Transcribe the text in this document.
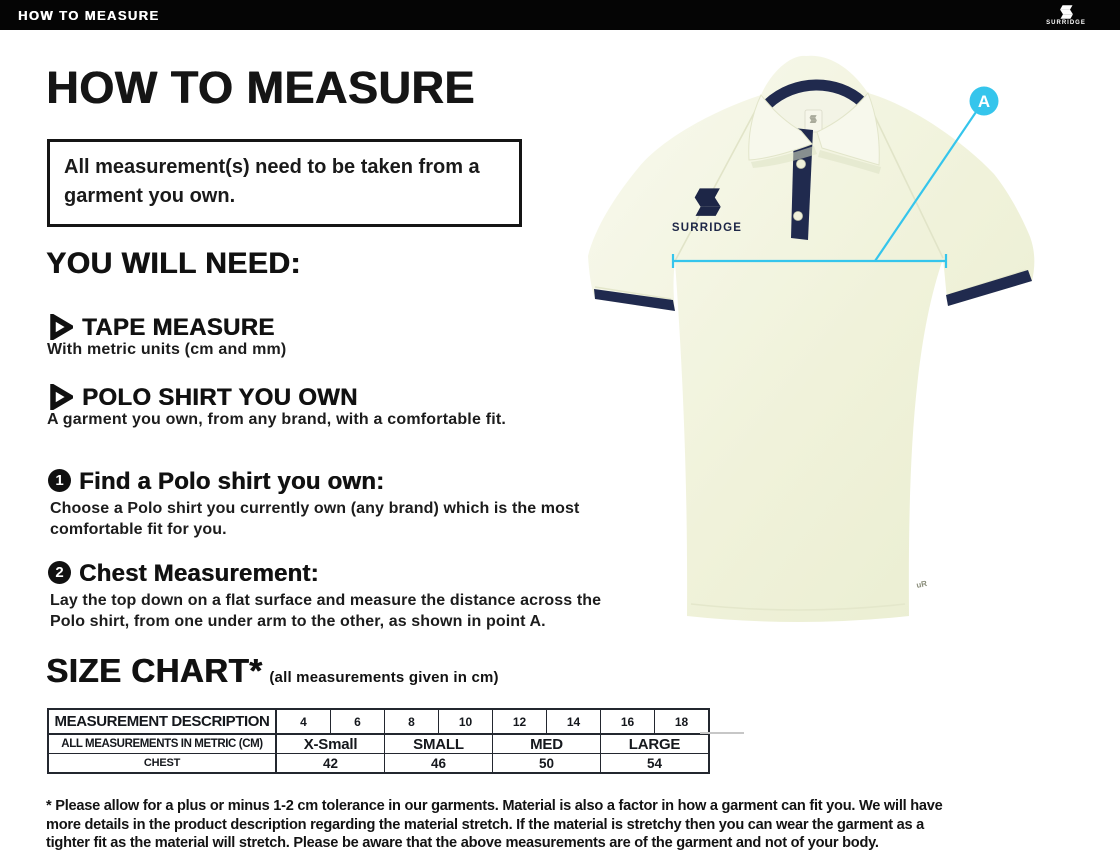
HOW TO MEASURE	SURRIDGE
HOW TO MEASURE
All measurement(s) need to be taken from a garment you own.
YOU WILL NEED:
TAPE MEASURE
With metric units (cm and mm)
POLO SHIRT YOU OWN
A garment you own, from any brand, with a comfortable fit.
1 Find a Polo shirt you own:
Choose a Polo shirt you currently own (any brand) which is the most comfortable fit for you.
2 Chest Measurement:
Lay the top down on a flat surface and measure the distance across the Polo shirt, from one under arm to the other, as shown in point A.
SIZE CHART* (all measurements given in cm)
MEASUREMENT DESCRIPTION	4	6	8	10	12	14	16	18
ALL MEASUREMENTS IN METRIC (CM)	X-Small		SMALL		MED		LARGE	
CHEST	42		46		50		54	
* Please allow for a plus or minus 1-2 cm tolerance in our garments. Material is also a factor in how a garment can fit you. We will have
more details in the product description regarding the material stretch. If the material is stretchy then you can wear the garment as a
tighter fit as the material will stretch. Please be aware that the above measurements are of the garment and not of your body.
SURRIDGE
uR
A
